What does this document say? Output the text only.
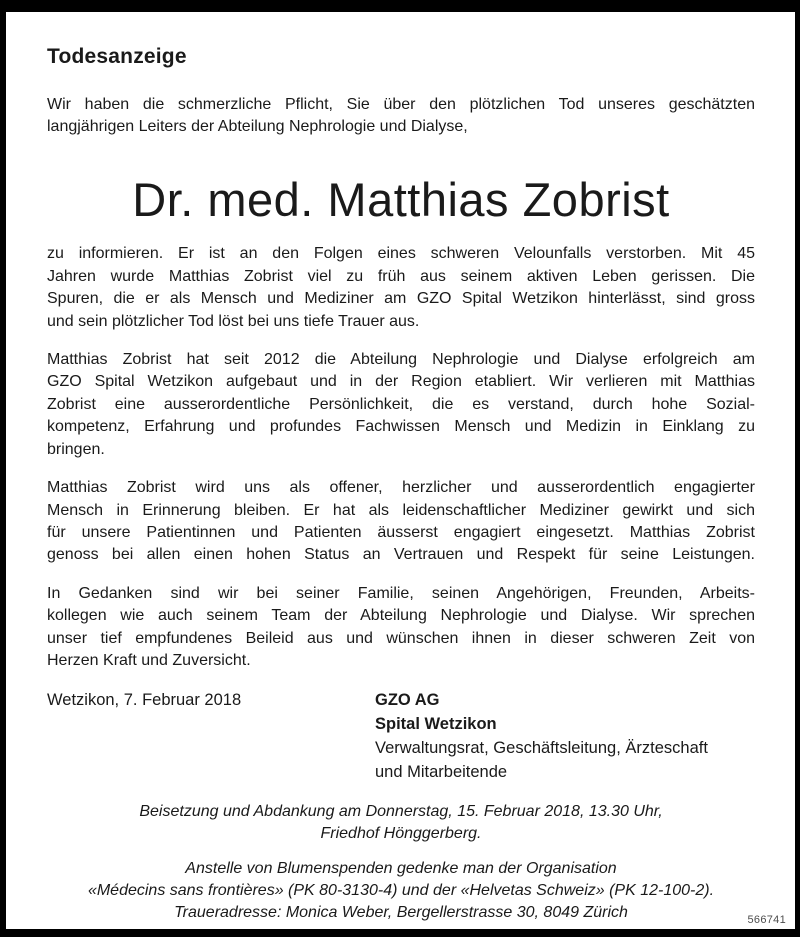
Todesanzeige

Wir haben die schmerzliche Pflicht, Sie über den plötzlichen Tod unseres geschätzten
langjährigen Leiters der Abteilung Nephrologie und Dialyse,

Dr. med. Matthias Zobrist

zu informieren. Er ist an den Folgen eines schweren Velounfalls verstorben. Mit 45
Jahren wurde Matthias Zobrist viel zu früh aus seinem aktiven Leben gerissen. Die
Spuren, die er als Mensch und Mediziner am GZO Spital Wetzikon hinterlässt, sind gross
und sein plötzlicher Tod löst bei uns tiefe Trauer aus.

Matthias Zobrist hat seit 2012 die Abteilung Nephrologie und Dialyse erfolgreich am
GZO Spital Wetzikon aufgebaut und in der Region etabliert. Wir verlieren mit Matthias
Zobrist eine ausserordentliche Persönlichkeit, die es verstand, durch hohe Sozial-
kompetenz, Erfahrung und profundes Fachwissen Mensch und Medizin in Einklang zu
bringen.

Matthias Zobrist wird uns als offener, herzlicher und ausserordentlich engagierter
Mensch in Erinnerung bleiben. Er hat als leidenschaftlicher Mediziner gewirkt und sich
für unsere Patientinnen und Patienten äusserst engagiert eingesetzt. Matthias Zobrist
genoss bei allen einen hohen Status an Vertrauen und Respekt für seine Leistungen.

In Gedanken sind wir bei seiner Familie, seinen Angehörigen, Freunden, Arbeits-
kollegen wie auch seinem Team der Abteilung Nephrologie und Dialyse. Wir sprechen
unser tief empfundenes Beileid aus und wünschen ihnen in dieser schweren Zeit von
Herzen Kraft und Zuversicht.

Wetzikon, 7. Februar 2018	GZO AG
Spital Wetzikon
Verwaltungsrat, Geschäftsleitung, Ärzteschaft
und Mitarbeitende
Beisetzung und Abdankung am Donnerstag, 15. Februar 2018, 13.30 Uhr,
Friedhof Hönggerberg.
Anstelle von Blumenspenden gedenke man der Organisation
«Médecins sans frontières» (PK 80-3130-4) und der «Helvetas Schweiz» (PK 12-100-2).
Traueradresse: Monica Weber, Bergellerstrasse 30, 8049 Zürich	566741
